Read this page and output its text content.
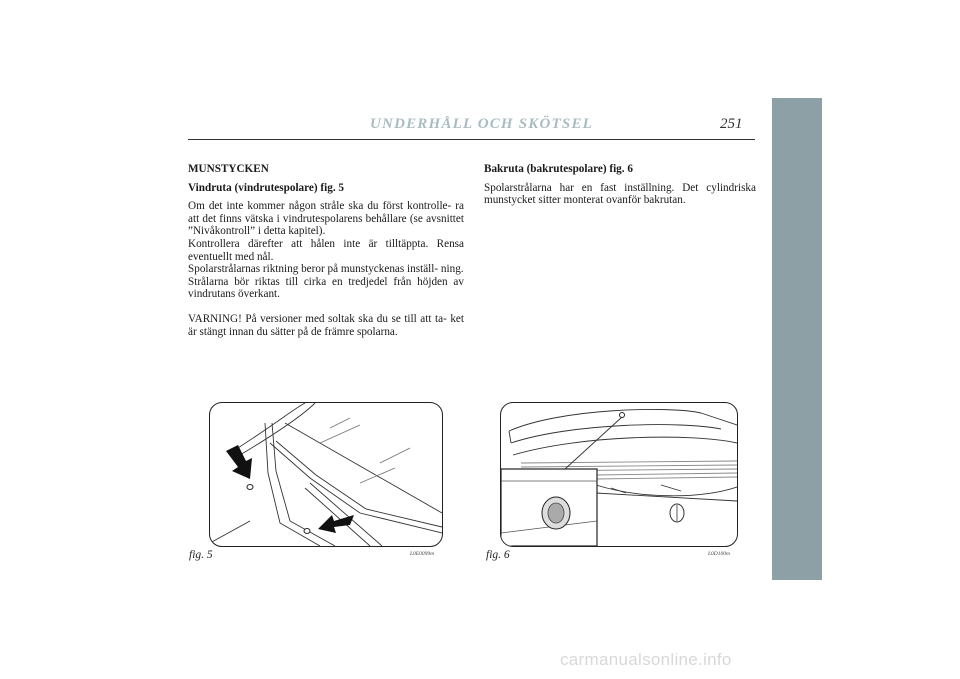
UNDERHÅLL OCH SKÖTSEL	251

MUNSTYCKEN

Vindruta (vindrutespolare) fig. 5

Om det inte kommer någon stråle ska du först kontrolle- ra att det finns vätska i vindrutespolarens behållare (se avsnittet ”Nivåkontroll” i detta kapitel).

Kontrollera därefter att hålen inte är tilltäppta. Rensa eventuellt med nål.

Spolarstrålarnas riktning beror på munstyckenas inställ- ning.

Strålarna bör riktas till cirka en tredjedel från höjden av vindrutans överkant.

VARNING! På versioner med soltak ska du se till att ta- ket är stängt innan du sätter på de främre spolarna.

Bakruta (bakrutespolare) fig. 6

Spolarstrålarna har en fast inställning. Det cylindriska munstycket sitter monterat ovanför bakrutan.

fig. 5	L0E0099m	fig. 6	L0D100m
carmanualsonline.info
